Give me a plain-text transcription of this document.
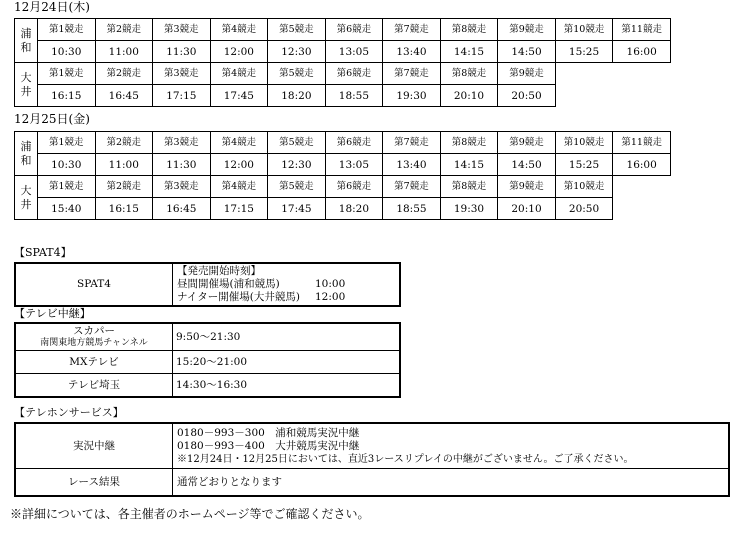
12月24日(木)
浦
和	第1競走	第2競走	第3競走	第4競走	第5競走	第6競走	第7競走	第8競走	第9競走	第10競走	第11競走
	10:30	11:00	11:30	12:00	12:30	13:05	13:40	14:15	14:50	15:25	16:00
大
井	第1競走	第2競走	第3競走	第4競走	第5競走	第6競走	第7競走	第8競走	第9競走		
	16:15	16:45	17:15	17:45	18:20	18:55	19:30	20:10	20:50		
12月25日(金)
浦
和	第1競走	第2競走	第3競走	第4競走	第5競走	第6競走	第7競走	第8競走	第9競走	第10競走	第11競走
	10:30	11:00	11:30	12:00	12:30	13:05	13:40	14:15	14:50	15:25	16:00
大
井	第1競走	第2競走	第3競走	第4競走	第5競走	第6競走	第7競走	第8競走	第9競走	第10競走	
	15:40	16:15	16:45	17:15	17:45	18:20	18:55	19:30	20:10	20:50	
【SPAT4】
SPAT4	
【発売開始時刻】
昼間開催場(浦和競馬)	10:00
ナイター開催場(大井競馬) 12:00
【テレビ中継】
スカパー
南関東地方競馬チャンネル	9:50～21:30
MXテレビ	15:20～21:00
テレビ埼玉	14:30～16:30
【テレホンサービス】
実況中継	0180－993－300　浦和競馬実況中継
0180－993－400　大井競馬実況中継
※12月24日・12月25日においては、直近3レースリプレイの中継がございません。ご了承ください。

レース結果	通常どおりとなります
※詳細については、各主催者のホームページ等でご確認ください。
